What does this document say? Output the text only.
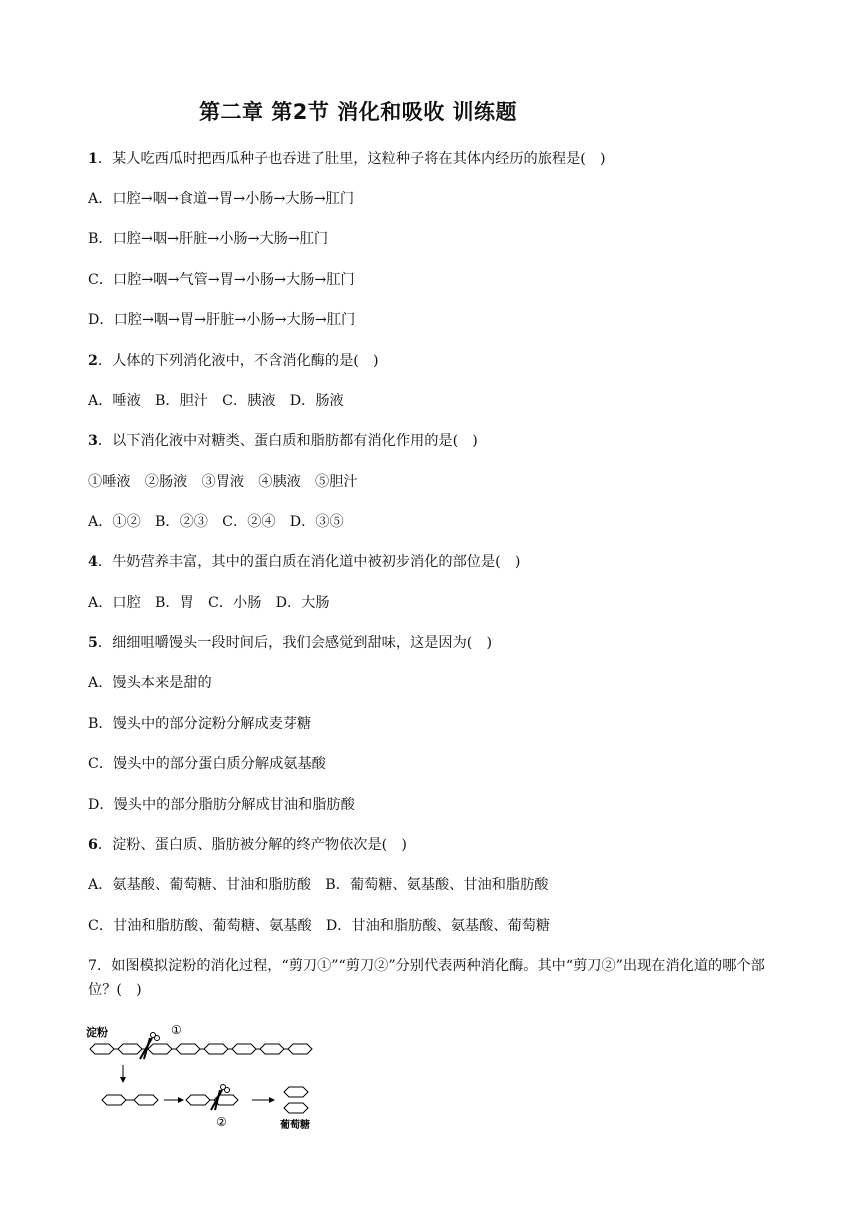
第二章 第2节 消化和吸收 训练题
1．某人吃西瓜时把西瓜种子也吞进了肚里，这粒种子将在其体内经历的旅程是(　)
A．口腔→咽→食道→胃→小肠→大肠→肛门
B．口腔→咽→肝脏→小肠→大肠→肛门
C．口腔→咽→气管→胃→小肠→大肠→肛门
D．口腔→咽→胃→肝脏→小肠→大肠→肛门
2．人体的下列消化液中，不含消化酶的是(　)
A．唾液　B．胆汁　C．胰液　D．肠液
3．以下消化液中对糖类、蛋白质和脂肪都有消化作用的是(　)
①唾液　②肠液　③胃液　④胰液　⑤胆汁
A．①②　B．②③　C．②④　D．③⑤
4．牛奶营养丰富，其中的蛋白质在消化道中被初步消化的部位是(　)
A．口腔　B．胃　C．小肠　D．大肠
5．细细咀嚼馒头一段时间后，我们会感觉到甜味，这是因为(　)
A．馒头本来是甜的
B．馒头中的部分淀粉分解成麦芽糖
C．馒头中的部分蛋白质分解成氨基酸
D．馒头中的部分脂肪分解成甘油和脂肪酸
6．淀粉、蛋白质、脂肪被分解的终产物依次是(　)
A．氨基酸、葡萄糖、甘油和脂肪酸　B．葡萄糖、氨基酸、甘油和脂肪酸
C．甘油和脂肪酸、葡萄糖、氨基酸　D．甘油和脂肪酸、氨基酸、葡萄糖
7．如图模拟淀粉的消化过程，“剪刀①”“剪刀②”分别代表两种消化酶。其中“剪刀②”出现在消化道的哪个部位？(　)
淀粉	①
②	葡萄糖
